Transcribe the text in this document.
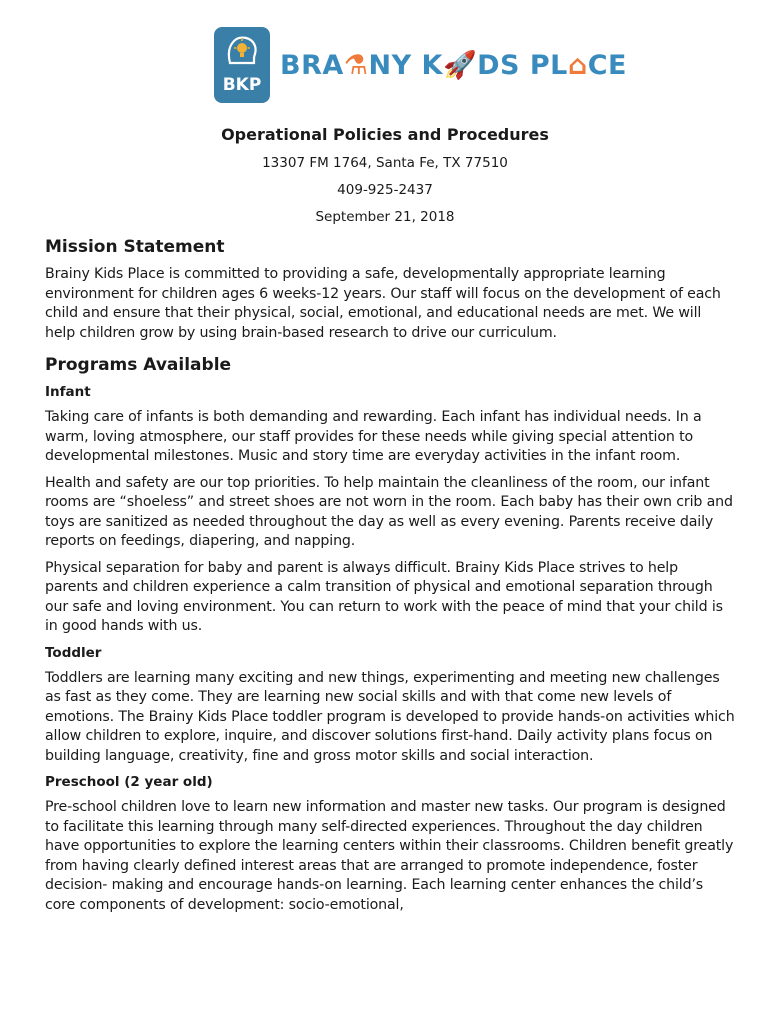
BKP
BRA⚗NY K🚀DS PL⌂CE
Operational Policies and Procedures
13307 FM 1764, Santa Fe, TX 77510
409-925-2437
September 21, 2018
Mission Statement

Brainy Kids Place is committed to providing a safe, developmentally appropriate learning environment for children ages 6 weeks-12 years. Our staff will focus on the development of each child and ensure that their physical, social, emotional, and educational needs are met. We will help children grow by using brain-based research to drive our curriculum.

Programs Available
Infant

Taking care of infants is both demanding and rewarding. Each infant has individual needs. In a warm, loving atmosphere, our staff provides for these needs while giving special attention to developmental milestones. Music and story time are everyday activities in the infant room.

Health and safety are our top priorities. To help maintain the cleanliness of the room, our infant rooms are “shoeless” and street shoes are not worn in the room. Each baby has their own crib and toys are sanitized as needed throughout the day as well as every evening. Parents receive daily reports on feedings, diapering, and napping.

Physical separation for baby and parent is always difficult. Brainy Kids Place strives to help parents and children experience a calm transition of physical and emotional separation through our safe and loving environment. You can return to work with the peace of mind that your child is in good hands with us.

Toddler

Toddlers are learning many exciting and new things, experimenting and meeting new challenges as fast as they come. They are learning new social skills and with that come new levels of emotions. The Brainy Kids Place toddler program is developed to provide hands-on activities which allow children to explore, inquire, and discover solutions first-hand. Daily activity plans focus on building language, creativity, fine and gross motor skills and social interaction.

Preschool (2 year old)

Pre-school children love to learn new information and master new tasks. Our program is designed to facilitate this learning through many self-directed experiences. Throughout the day children have opportunities to explore the learning centers within their classrooms. Children benefit greatly from having clearly defined interest areas that are arranged to promote independence, foster decision- making and encourage hands-on learning. Each learning center enhances the child’s core components of development: socio-emotional,
